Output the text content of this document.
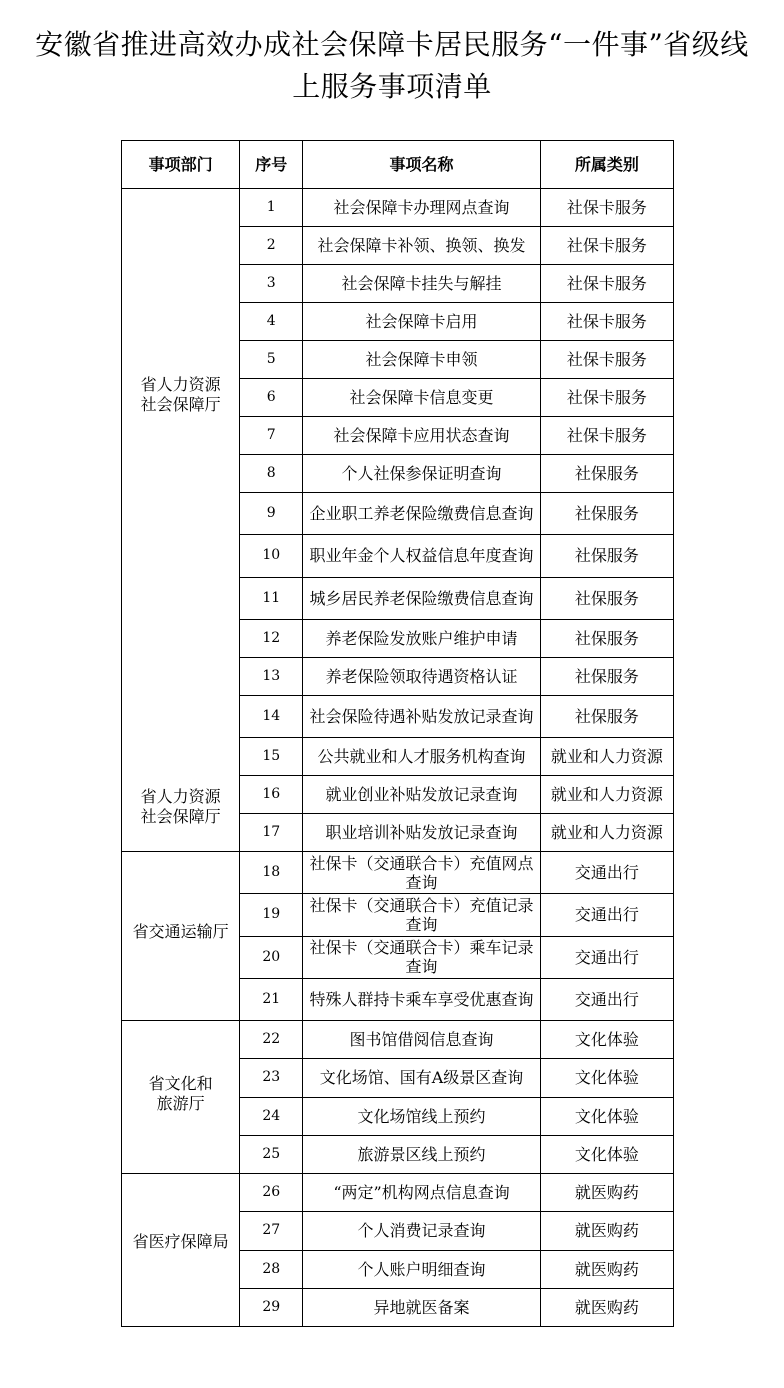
安徽省推进高效办成社会保障卡居民服务“一件事”省级线
上服务事项清单
事项部门	序号	事项名称	所属类别

省人力资源
社会保障厅
省人力资源
社会保障厅	1	社会保障卡办理网点查询	社保卡服务
	2	社会保障卡补领、换领、换发	社保卡服务
	3	社会保障卡挂失与解挂	社保卡服务
	4	社会保障卡启用	社保卡服务
	5	社会保障卡申领	社保卡服务
	6	社会保障卡信息变更	社保卡服务
	7	社会保障卡应用状态查询	社保卡服务
	8	个人社保参保证明查询	社保服务
	9	企业职工养老保险缴费信息查询	社保服务
	10	职业年金个人权益信息年度查询	社保服务
	11	城乡居民养老保险缴费信息查询	社保服务
	12	养老保险发放账户维护申请	社保服务
	13	养老保险领取待遇资格认证	社保服务
	14	社会保险待遇补贴发放记录查询	社保服务
	15	公共就业和人才服务机构查询	就业和人力资源
	16	就业创业补贴发放记录查询	就业和人力资源
	17	职业培训补贴发放记录查询	就业和人力资源

省交通运输厅	18	社保卡（交通联合卡）充值网点查询	交通出行
	19	社保卡（交通联合卡）充值记录查询	交通出行
	20	社保卡（交通联合卡）乘车记录查询	交通出行
	21	特殊人群持卡乘车享受优惠查询	交通出行

省文化和
旅游厅	22	图书馆借阅信息查询	文化体验
	23	文化场馆、国有A级景区查询	文化体验
	24	文化场馆线上预约	文化体验
	25	旅游景区线上预约	文化体验

省医疗保障局	26	“两定”机构网点信息查询	就医购药
	27	个人消费记录查询	就医购药
	28	个人账户明细查询	就医购药
	29	异地就医备案	就医购药
